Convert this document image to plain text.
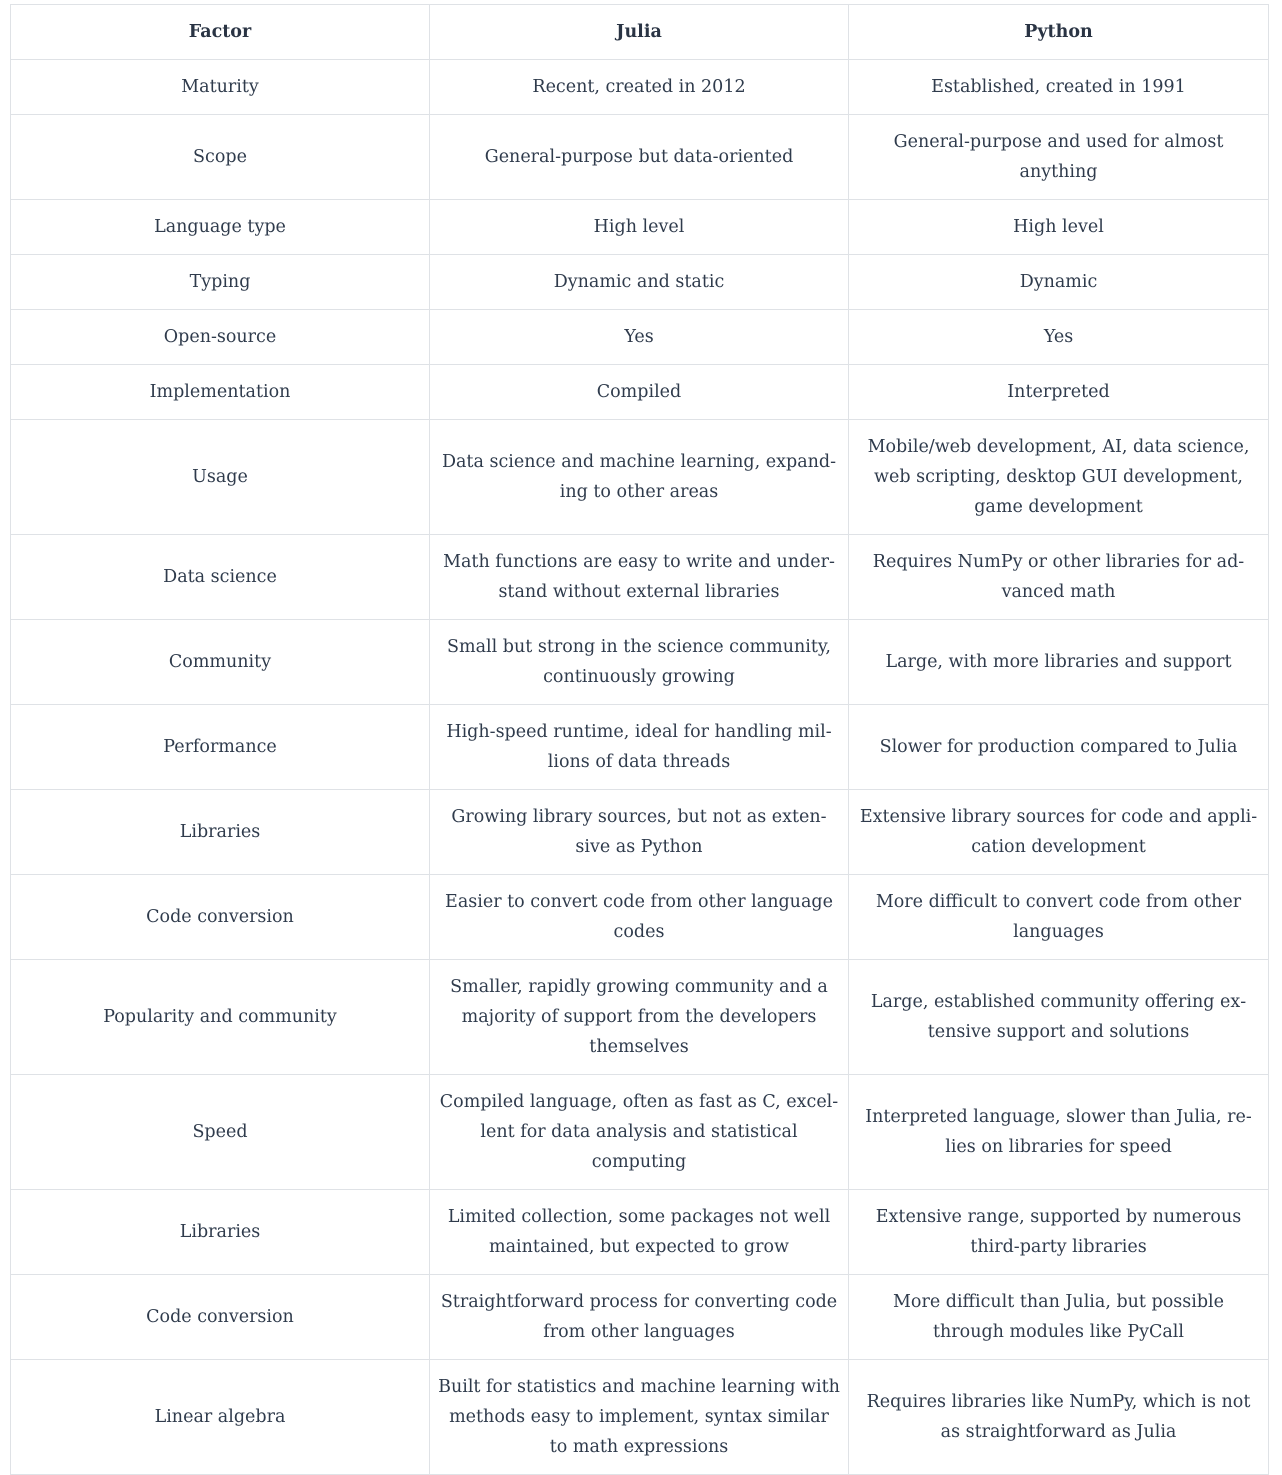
Factor	Julia	Python
Maturity	Recent, created in 2012	Established, created in 1991
Scope	General-purpose but data-oriented	General-purpose and used for almost anything
Language type	High level	High level
Typing	Dynamic and static	Dynamic
Open-source	Yes	Yes
Implementation	Compiled	Interpreted
Usage	Data science and machine learning, expanding to other areas	Mobile/web development, AI, data science, web scripting, desktop GUI development, game development
Data science	Math functions are easy to write and understand without external libraries	Requires NumPy or other libraries for advanced math
Community	Small but strong in the science community, continuously growing	Large, with more libraries and support
Performance	High-speed runtime, ideal for handling millions of data threads	Slower for production compared to Julia
Libraries	Growing library sources, but not as extensive as Python	Extensive library sources for code and application development
Code conversion	Easier to convert code from other language codes	More difficult to convert code from other languages
Popularity and community	Smaller, rapidly growing community and a majority of support from the developers themselves	Large, established community offering extensive support and solutions
Speed	Compiled language, often as fast as C, excellent for data analysis and statistical computing	Interpreted language, slower than Julia, relies on libraries for speed
Libraries	Limited collection, some packages not well maintained, but expected to grow	Extensive range, supported by numerous third-party libraries
Code conversion	Straightforward process for converting code from other languages	More difficult than Julia, but possible through modules like PyCall
Linear algebra	Built for statistics and machine learning with methods easy to implement, syntax similar to math expressions	Requires libraries like NumPy, which is not as straightforward as Julia
